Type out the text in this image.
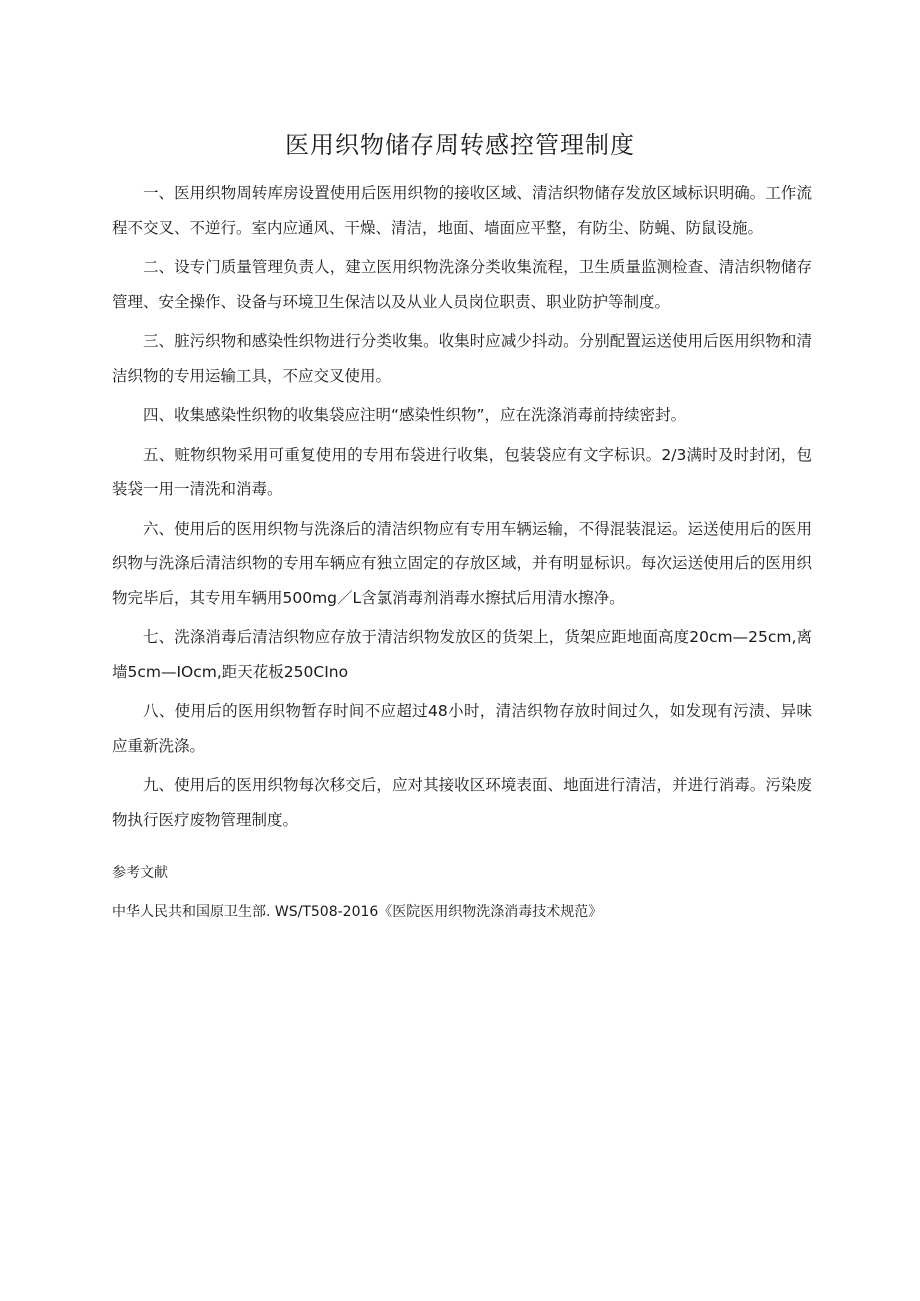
医用织物储存周转感控管理制度

一、医用织物周转库房设置使用后医用织物的接收区域、清洁织物储存发放区域标识明确。工作流程不交叉、不逆行。室内应通风、干燥、清洁，地面、墙面应平整，有防尘、防蝇、防鼠设施。

二、设专门质量管理负责人，建立医用织物洗涤分类收集流程，卫生质量监测检查、清洁织物储存管理、安全操作、设备与环境卫生保洁以及从业人员岗位职责、职业防护等制度。

三、脏污织物和感染性织物进行分类收集。收集时应减少抖动。分别配置运送使用后医用织物和清洁织物的专用运输工具，不应交叉使用。

四、收集感染性织物的收集袋应注明“感染性织物”，应在洗涤消毒前持续密封。

五、赃物织物采用可重复使用的专用布袋进行收集，包装袋应有文字标识。2/3满时及时封闭，包装袋一用一清洗和消毒。

六、使用后的医用织物与洗涤后的清洁织物应有专用车辆运输，不得混装混运。运送使用后的医用织物与洗涤后清洁织物的专用车辆应有独立固定的存放区域，并有明显标识。每次运送使用后的医用织物完毕后，其专用车辆用500mg／L含氯消毒剂消毒水擦拭后用清水擦净。

七、洗涤消毒后清洁织物应存放于清洁织物发放区的货架上，货架应距地面高度20cm—25cm,离墙5cm—IOcm,距天花板250CIno

八、使用后的医用织物暂存时间不应超过48小时，清洁织物存放时间过久，如发现有污渍、异味应重新洗涤。

九、使用后的医用织物每次移交后，应对其接收区环境表面、地面进行清洁，并进行消毒。污染废物执行医疗废物管理制度。

参考文献
中华人民共和国原卫生部. WS/T508-2016《医院医用织物洗涤消毒技术规范》
